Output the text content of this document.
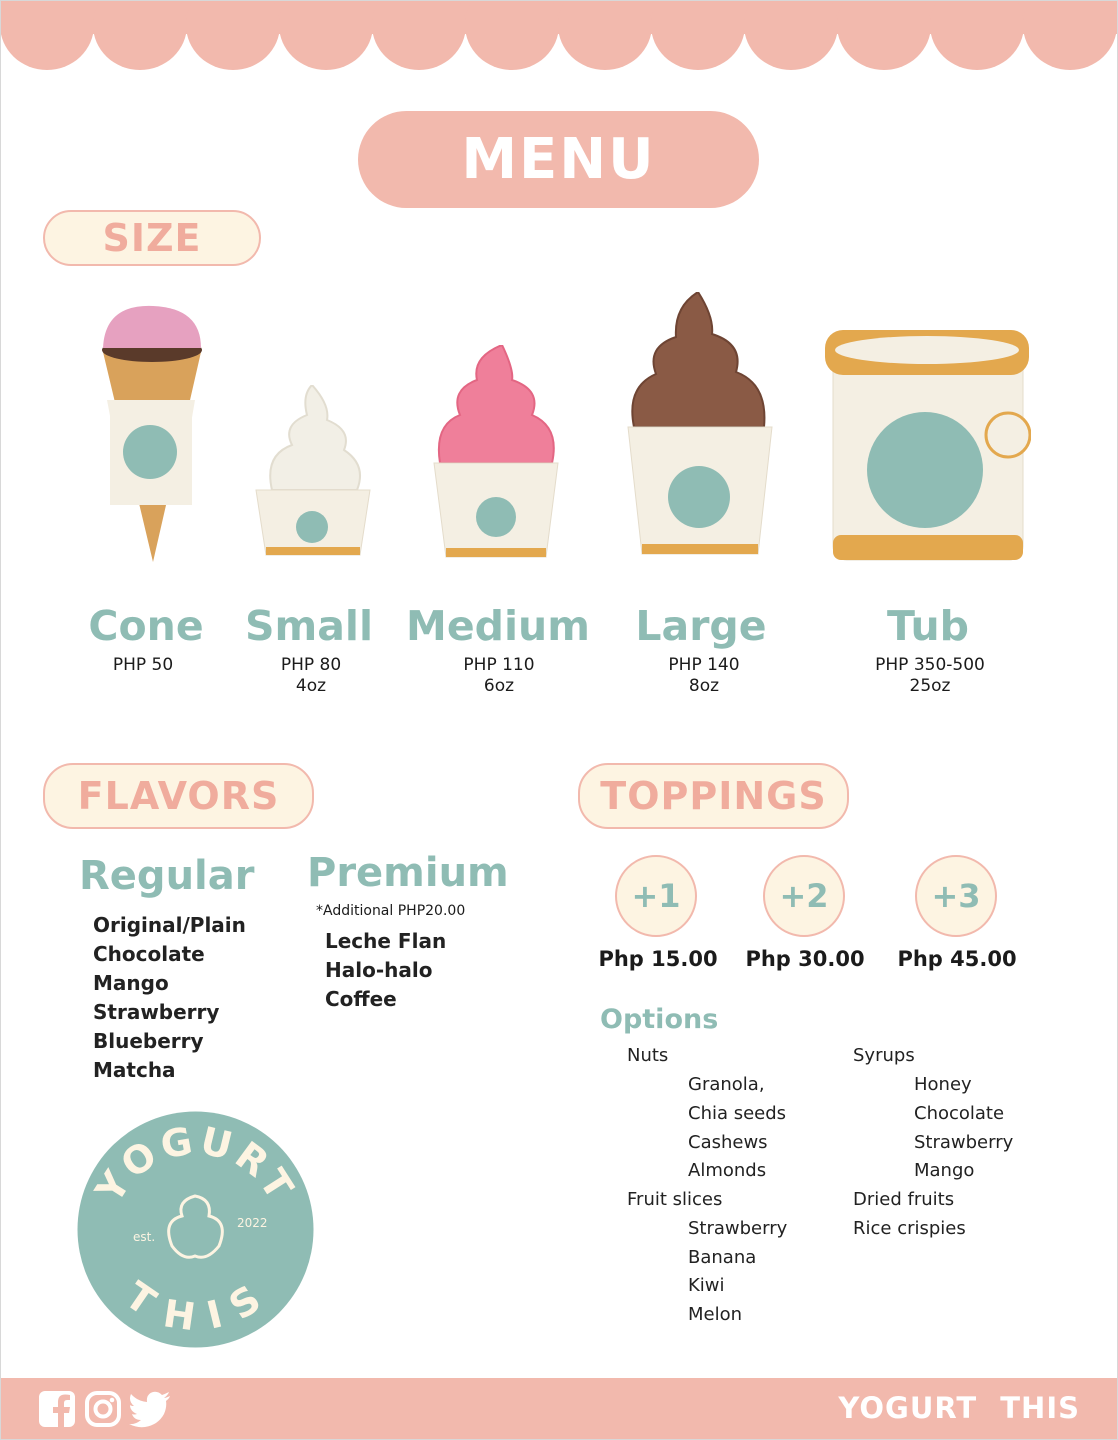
MENU
SIZE
Cone
PHP 50
Small
PHP 80
4oz
Medium
PHP 110
6oz
Large
PHP 140
8oz
Tub
PHP 350-500
25oz
FLAVORS
Regular
Original/Plain
Chocolate
Mango
Strawberry
Blueberry
Matcha
Premium
*Additional PHP20.00
Leche Flan
Halo-halo
Coffee
TOPPINGS
+1
Php 15.00
+2
Php 30.00
+3
Php 45.00
Options
Nuts
Granola,
Chia seeds
Cashews
Almonds
Fruit slices
Strawberry
Banana
Kiwi
Melon
Syrups
Honey
Chocolate
Strawberry
Mango
Dried fruits
Rice crispies
YOGURT
THIS
est.
2022
YOGURT THIS
